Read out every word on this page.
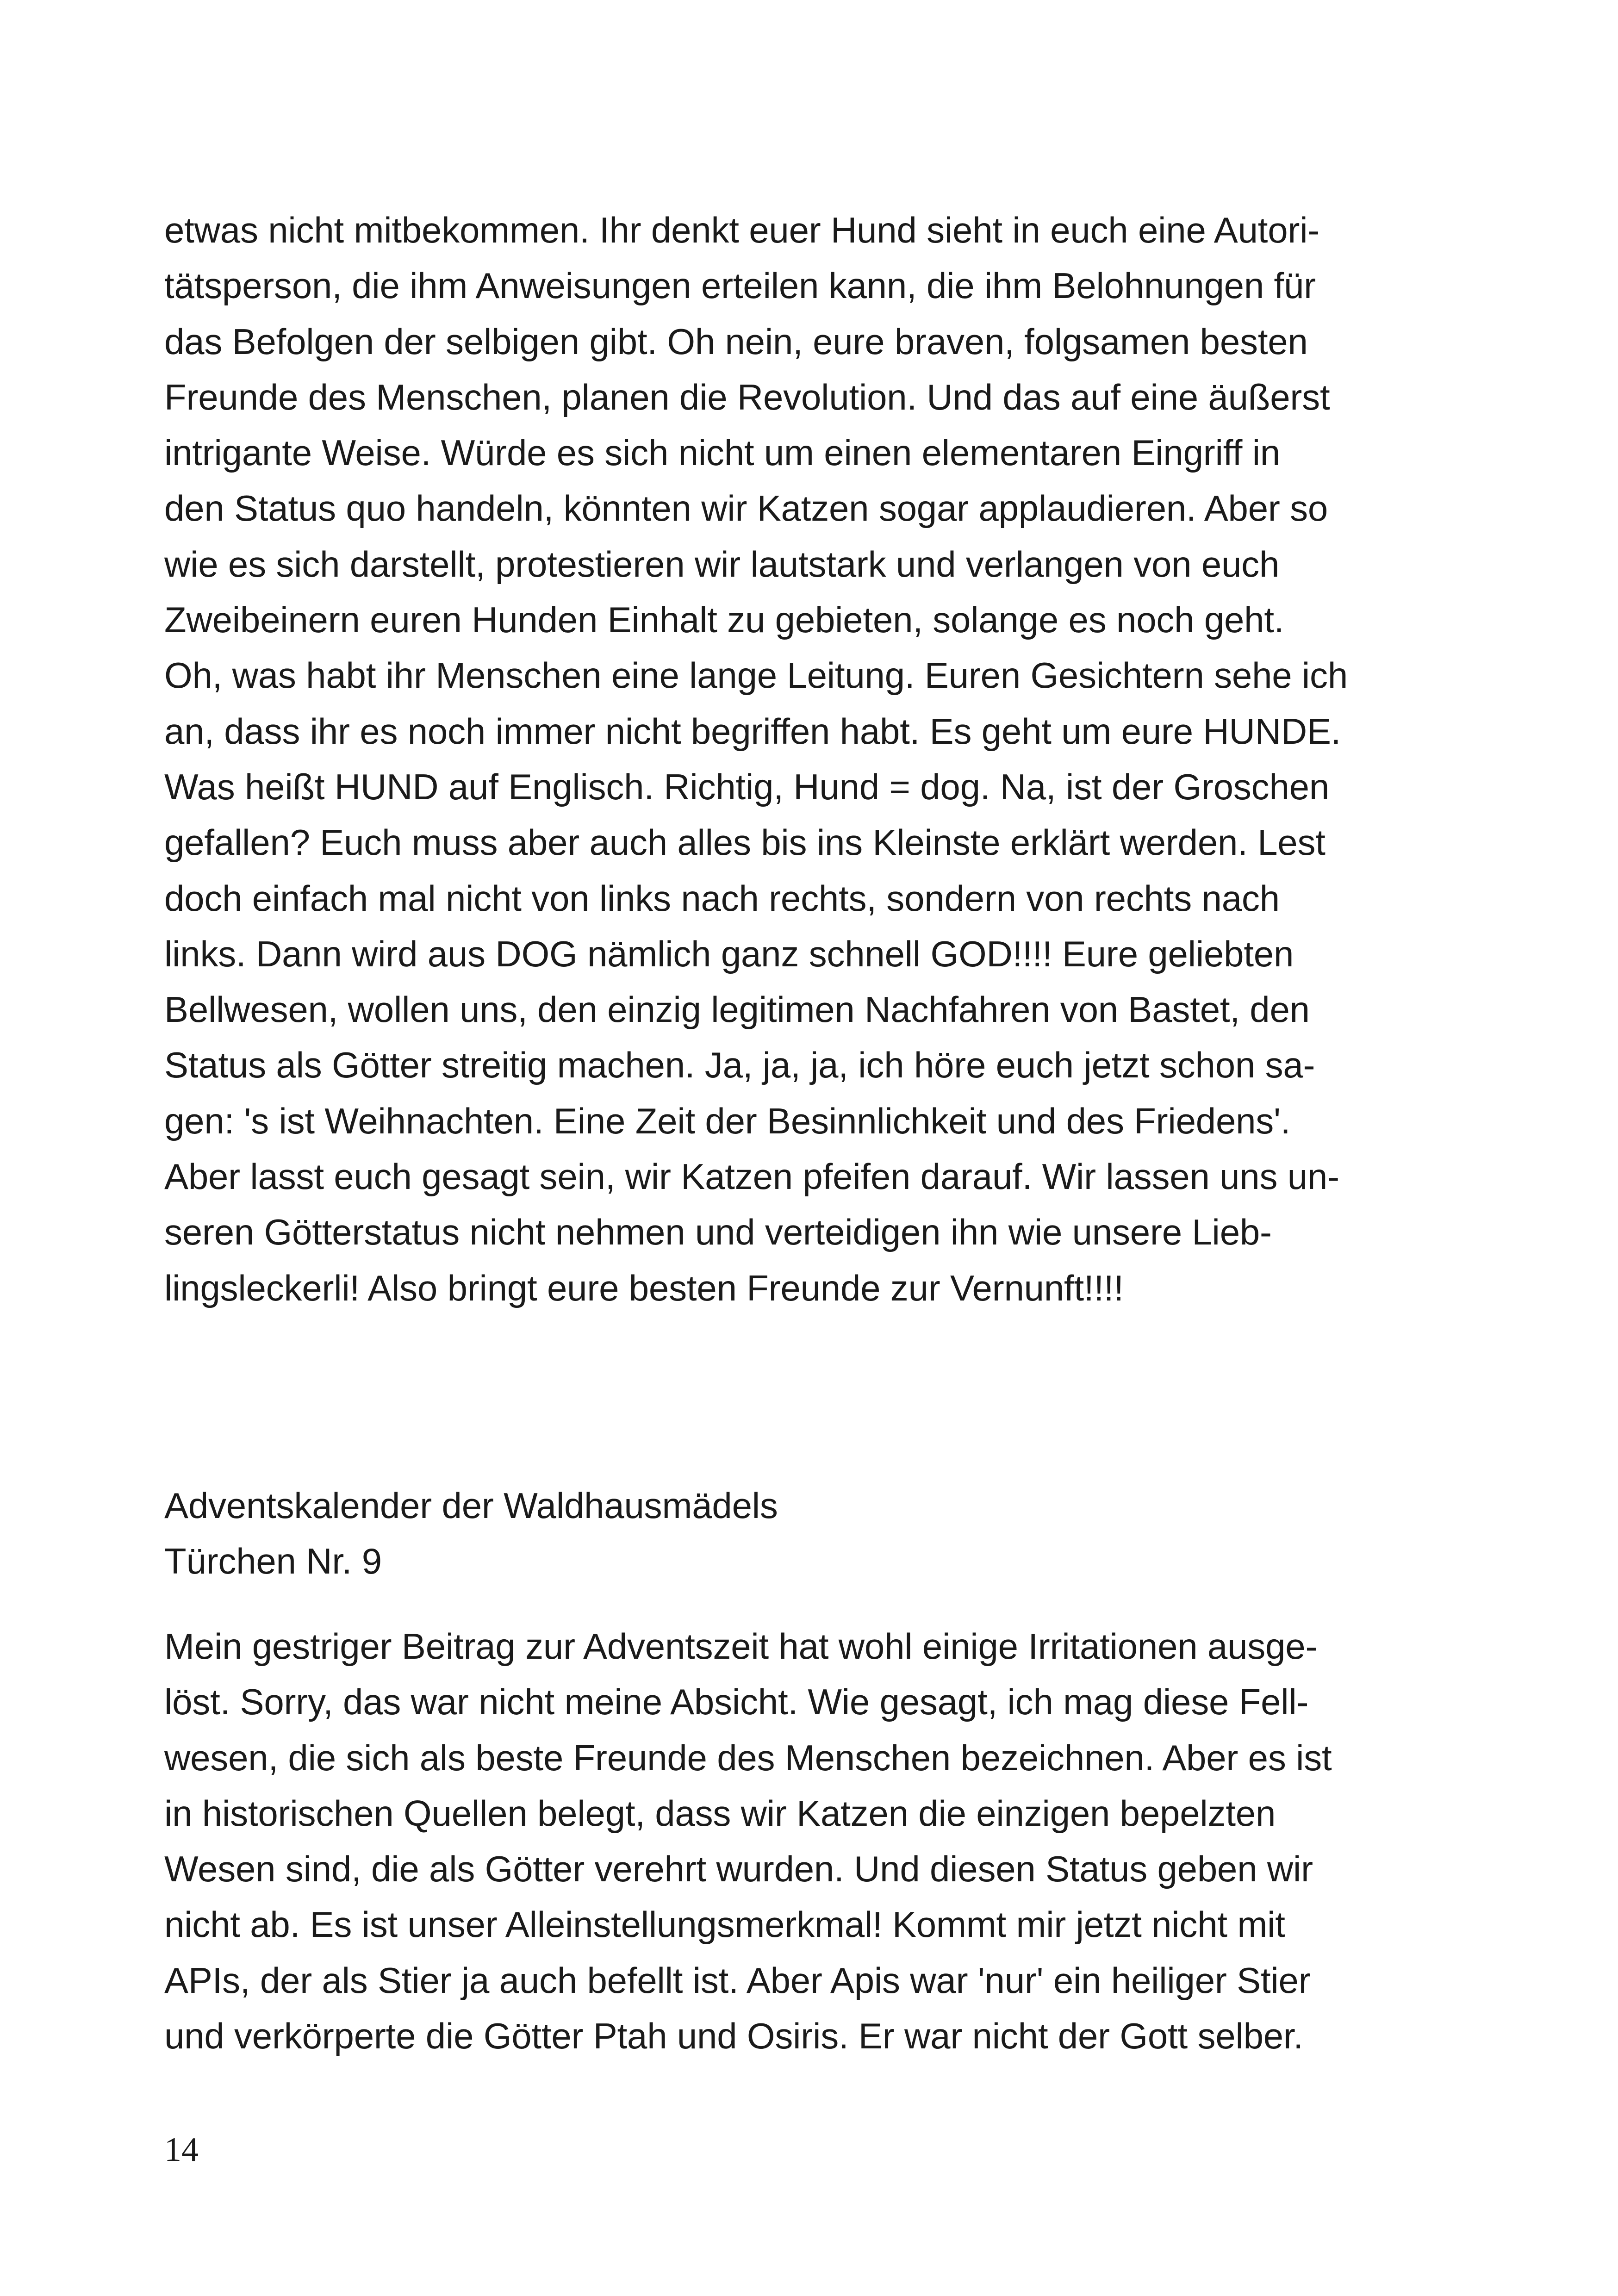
etwas nicht mitbekommen. Ihr denkt euer Hund sieht in euch eine Autori-
tätsperson, die ihm Anweisungen erteilen kann, die ihm Belohnungen für
das Befolgen der selbigen gibt. Oh nein, eure braven, folgsamen besten
Freunde des Menschen, planen die Revolution. Und das auf eine äußerst
intrigante Weise. Würde es sich nicht um einen elementaren Eingriff in
den Status quo handeln, könnten wir Katzen sogar applaudieren. Aber so
wie es sich darstellt, protestieren wir lautstark und verlangen von euch
Zweibeinern euren Hunden Einhalt zu gebieten, solange es noch geht.
Oh, was habt ihr Menschen eine lange Leitung. Euren Gesichtern sehe ich
an, dass ihr es noch immer nicht begriffen habt. Es geht um eure HUNDE.
Was heißt HUND auf Englisch. Richtig, Hund = dog. Na, ist der Groschen
gefallen? Euch muss aber auch alles bis ins Kleinste erklärt werden. Lest
doch einfach mal nicht von links nach rechts, sondern von rechts nach
links. Dann wird aus DOG nämlich ganz schnell GOD!!!! Eure geliebten
Bellwesen, wollen uns, den einzig legitimen Nachfahren von Bastet, den
Status als Götter streitig machen. Ja, ja, ja, ich höre euch jetzt schon sa-
gen: 's ist Weihnachten. Eine Zeit der Besinnlichkeit und des Friedens'.
Aber lasst euch gesagt sein, wir Katzen pfeifen darauf. Wir lassen uns un-
seren Götterstatus nicht nehmen und verteidigen ihn wie unsere Lieb-
lingsleckerli! Also bringt eure besten Freunde zur Vernunft!!!!
Adventskalender der Waldhausmädels
Türchen Nr. 9
Mein gestriger Beitrag zur Adventszeit hat wohl einige Irritationen ausge-
löst. Sorry, das war nicht meine Absicht. Wie gesagt, ich mag diese Fell-
wesen, die sich als beste Freunde des Menschen bezeichnen. Aber es ist
in historischen Quellen belegt, dass wir Katzen die einzigen bepelzten
Wesen sind, die als Götter verehrt wurden. Und diesen Status geben wir
nicht ab. Es ist unser Alleinstellungsmerkmal! Kommt mir jetzt nicht mit
APIs, der als Stier ja auch befellt ist. Aber Apis war 'nur' ein heiliger Stier
und verkörperte die Götter Ptah und Osiris. Er war nicht der Gott selber.
14
